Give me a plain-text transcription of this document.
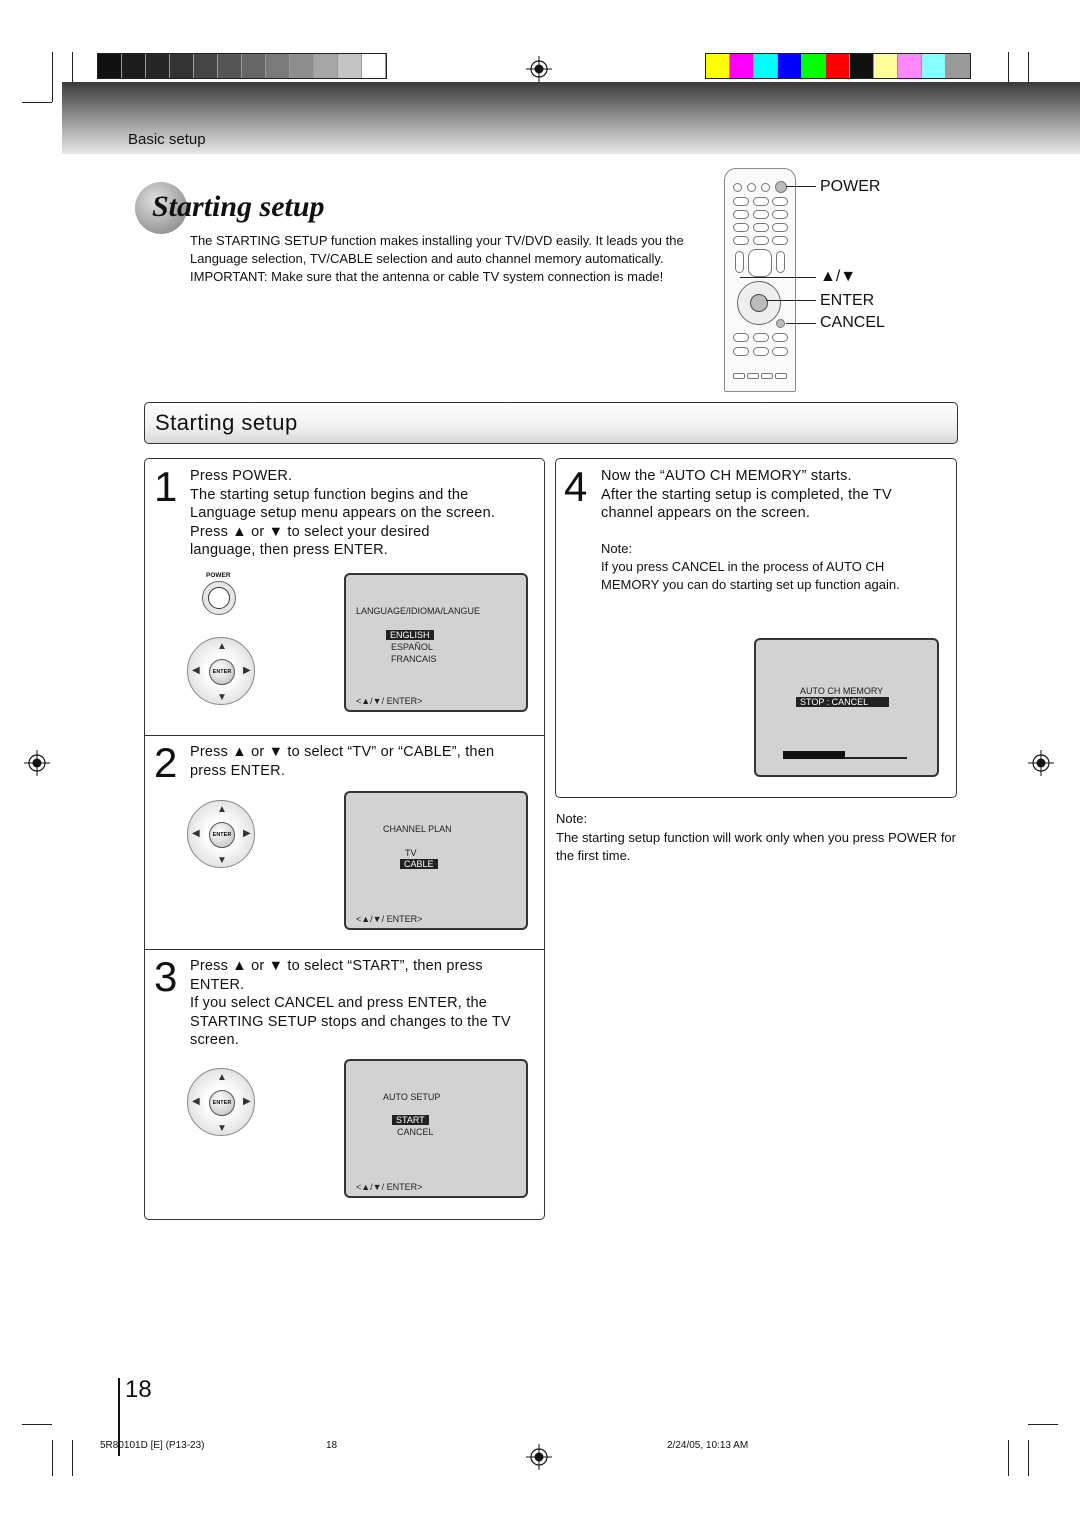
Basic setup
Starting setup
The STARTING SETUP function makes installing your TV/DVD easily. It leads you the Language selection, TV/CABLE selection and auto channel memory automatically.
IMPORTANT: Make sure that the antenna or cable TV system connection is made!
POWER
▲/▼
ENTER
CANCEL
Starting setup
1 Press POWER.
The starting setup function begins and the
Language setup menu appears on the screen.
Press ▲ or ▼ to select your desired
language, then press ENTER.
POWER
▲
▼
◀	▶
ENTER
LANGUAGE/IDIOMA/LANGUE
ENGLISH
ESPAÑOL
FRANCAIS
<▲/▼/ ENTER>
2 Press ▲ or ▼ to select “TV” or “CABLE”, then
press ENTER.
▲
▼
◀	▶
ENTER
CHANNEL PLAN
TV
CABLE
<▲/▼/ ENTER>
3 Press ▲ or ▼ to select “START”, then press
ENTER.
If you select CANCEL and press ENTER, the
STARTING SETUP stops and changes to the TV
screen.
▲
▼
◀	▶
ENTER
AUTO SETUP
START
CANCEL
<▲/▼/ ENTER>
4 Now the “AUTO CH MEMORY” starts.
After the starting setup is completed, the TV
channel appears on the screen.
Note:
If you press CANCEL in the process of AUTO CH
MEMORY you can do starting set up function again.
AUTO CH MEMORY
STOP : CANCEL
Note:
The starting setup function will work only when you press POWER for the first time.
18
5R80101D [E] (P13-23)	18	2/24/05, 10:13 AM
